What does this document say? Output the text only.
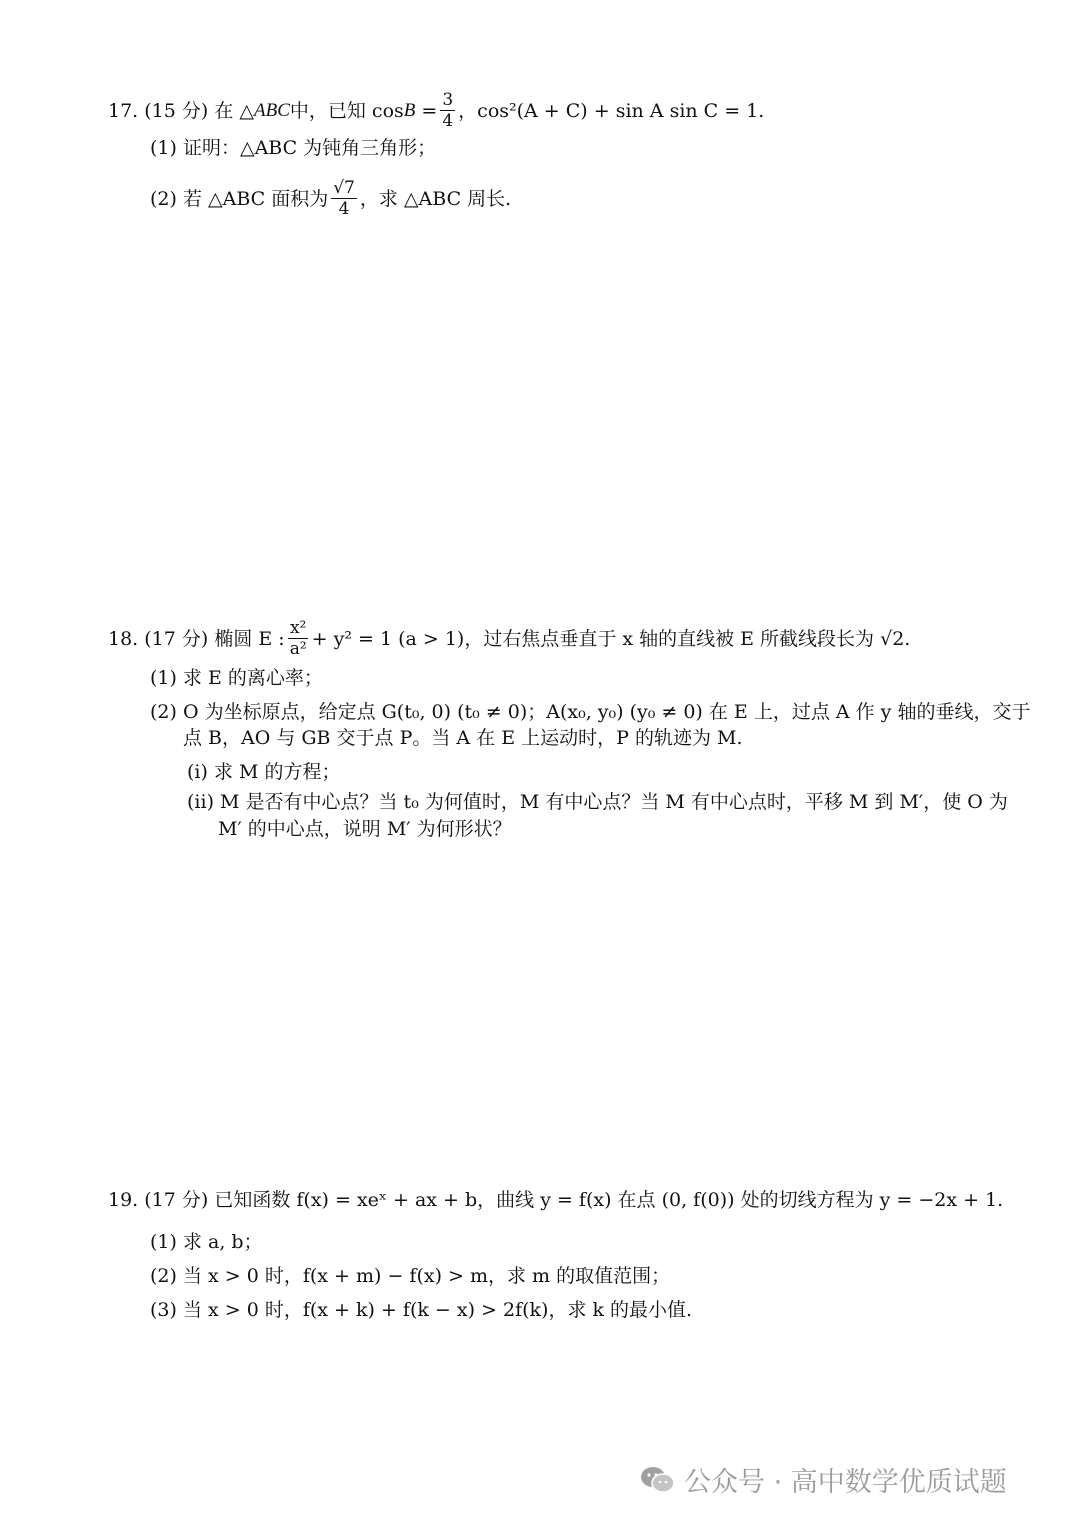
17. (15 分) 在 △ ABC 中，已知 $\cos B = \frac{3}{4}$ ，cos²(A + C) + sin A sin C = 1.
(1) 证明：△ABC 为钝角三角形；
(2) 若 △ABC 面积为 $\frac{√7}{4}$ ，求 △ABC 周长.
18. (17 分) 椭圆 E : $\frac{\text{x²}}{\text{a²}} + y^2 = 1$ (a > 1)，过右焦点垂直于 x 轴的直线被 E 所截线段长为 √2.
(1) 求 E 的离心率；
(2) O 为坐标原点，给定点 G(t₀, 0) (t₀ ≠ 0)；A(x₀, y₀) (y₀ ≠ 0) 在 E 上，过点 A 作 y 轴的垂线，交于
点 B，AO 与 GB 交于点 P。当 A 在 E 上运动时，P 的轨迹为 M.
(i) 求 M 的方程；
(ii) M 是否有中心点？当 t₀ 为何值时，M 有中心点？当 M 有中心点时，平移 M 到 M′，使 O 为
M′ 的中心点，说明 M′ 为何形状？
19. (17 分) 已知函数 f(x) = xeˣ + ax + b，曲线 y = f(x) 在点 (0, f(0)) 处的切线方程为 y = −2x + 1.
(1) 求 a, b；
(2) 当 x > 0 时，f(x + m) − f(x) > m，求 m 的取值范围；
(3) 当 x > 0 时，f(x + k) + f(k − x) > 2f(k)，求 k 的最小值.
公众号 · 高中数学优质试题
